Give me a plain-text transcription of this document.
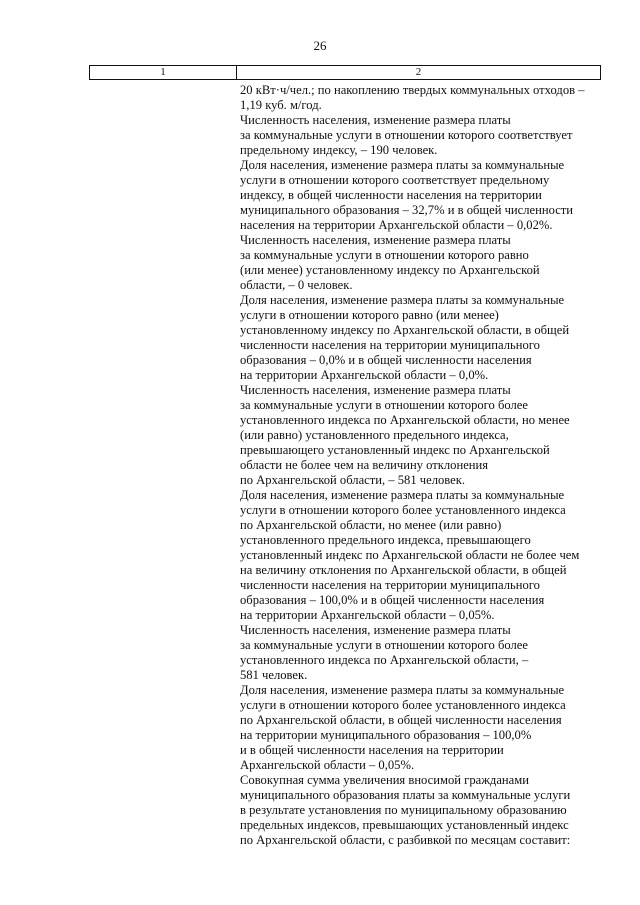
26
1	2
20 кВт·ч/чел.; по накоплению твердых коммунальных отходов –
1,19 куб. м/год.
Численность населения, изменение размера платы
за коммунальные услуги в отношении которого соответствует
предельному индексу, – 190 человек.
Доля населения, изменение размера платы за коммунальные
услуги в отношении которого соответствует предельному
индексу, в общей численности населения на территории
муниципального образования – 32,7% и в общей численности
населения на территории Архангельской области – 0,02%.
Численность населения, изменение размера платы
за коммунальные услуги в отношении которого равно
(или менее) установленному индексу по Архангельской
области, – 0 человек.
Доля населения, изменение размера платы за коммунальные
услуги в отношении которого равно (или менее)
установленному индексу по Архангельской области, в общей
численности населения на территории муниципального
образования – 0,0% и в общей численности населения
на территории Архангельской области – 0,0%.
Численность населения, изменение размера платы
за коммунальные услуги в отношении которого более
установленного индекса по Архангельской области, но менее
(или равно) установленного предельного индекса,
превышающего установленный индекс по Архангельской
области не более чем на величину отклонения
по Архангельской области, – 581 человек.
Доля населения, изменение размера платы за коммунальные
услуги в отношении которого более установленного индекса
по Архангельской области, но менее (или равно)
установленного предельного индекса, превышающего
установленный индекс по Архангельской области не более чем
на величину отклонения по Архангельской области, в общей
численности населения на территории муниципального
образования – 100,0% и в общей численности населения
на территории Архангельской области – 0,05%.
Численность населения, изменение размера платы
за коммунальные услуги в отношении которого более
установленного индекса по Архангельской области, –
581 человек.
Доля населения, изменение размера платы за коммунальные
услуги в отношении которого более установленного индекса
по Архангельской области, в общей численности населения
на территории муниципального образования – 100,0%
и в общей численности населения на территории
Архангельской области – 0,05%.
Совокупная сумма увеличения вносимой гражданами
муниципального образования платы за коммунальные услуги
в результате установления по муниципальному образованию
предельных индексов, превышающих установленный индекс
по Архангельской области, с разбивкой по месяцам составит:
